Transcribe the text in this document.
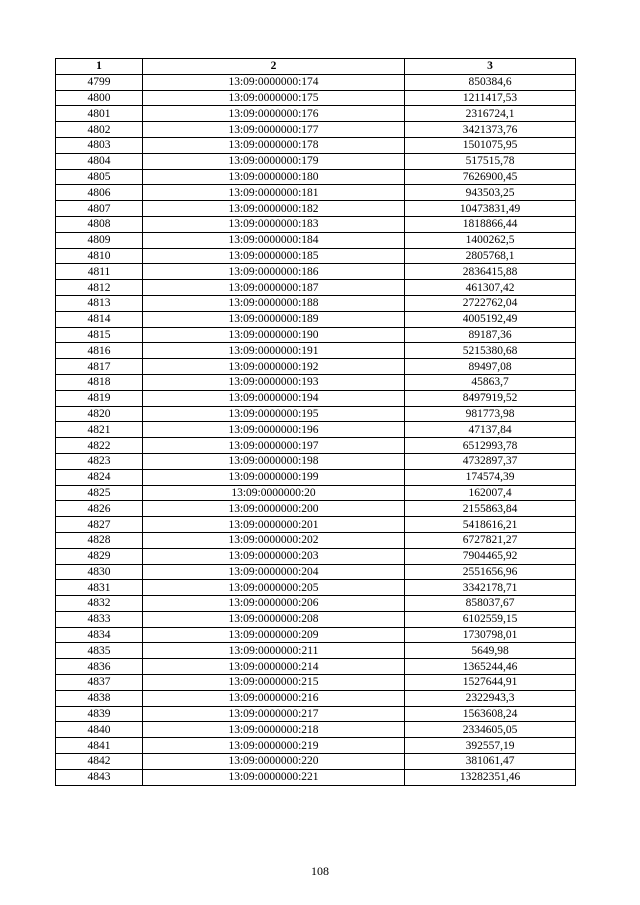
1	2	3
4799	13:09:0000000:174	850384,6
4800	13:09:0000000:175	1211417,53
4801	13:09:0000000:176	2316724,1
4802	13:09:0000000:177	3421373,76
4803	13:09:0000000:178	1501075,95
4804	13:09:0000000:179	517515,78
4805	13:09:0000000:180	7626900,45
4806	13:09:0000000:181	943503,25
4807	13:09:0000000:182	10473831,49
4808	13:09:0000000:183	1818866,44
4809	13:09:0000000:184	1400262,5
4810	13:09:0000000:185	2805768,1
4811	13:09:0000000:186	2836415,88
4812	13:09:0000000:187	461307,42
4813	13:09:0000000:188	2722762,04
4814	13:09:0000000:189	4005192,49
4815	13:09:0000000:190	89187,36
4816	13:09:0000000:191	5215380,68
4817	13:09:0000000:192	89497,08
4818	13:09:0000000:193	45863,7
4819	13:09:0000000:194	8497919,52
4820	13:09:0000000:195	981773,98
4821	13:09:0000000:196	47137,84
4822	13:09:0000000:197	6512993,78
4823	13:09:0000000:198	4732897,37
4824	13:09:0000000:199	174574,39
4825	13:09:0000000:20	162007,4
4826	13:09:0000000:200	2155863,84
4827	13:09:0000000:201	5418616,21
4828	13:09:0000000:202	6727821,27
4829	13:09:0000000:203	7904465,92
4830	13:09:0000000:204	2551656,96
4831	13:09:0000000:205	3342178,71
4832	13:09:0000000:206	858037,67
4833	13:09:0000000:208	6102559,15
4834	13:09:0000000:209	1730798,01
4835	13:09:0000000:211	5649,98
4836	13:09:0000000:214	1365244,46
4837	13:09:0000000:215	1527644,91
4838	13:09:0000000:216	2322943,3
4839	13:09:0000000:217	1563608,24
4840	13:09:0000000:218	2334605,05
4841	13:09:0000000:219	392557,19
4842	13:09:0000000:220	381061,47
4843	13:09:0000000:221	13282351,46
108
